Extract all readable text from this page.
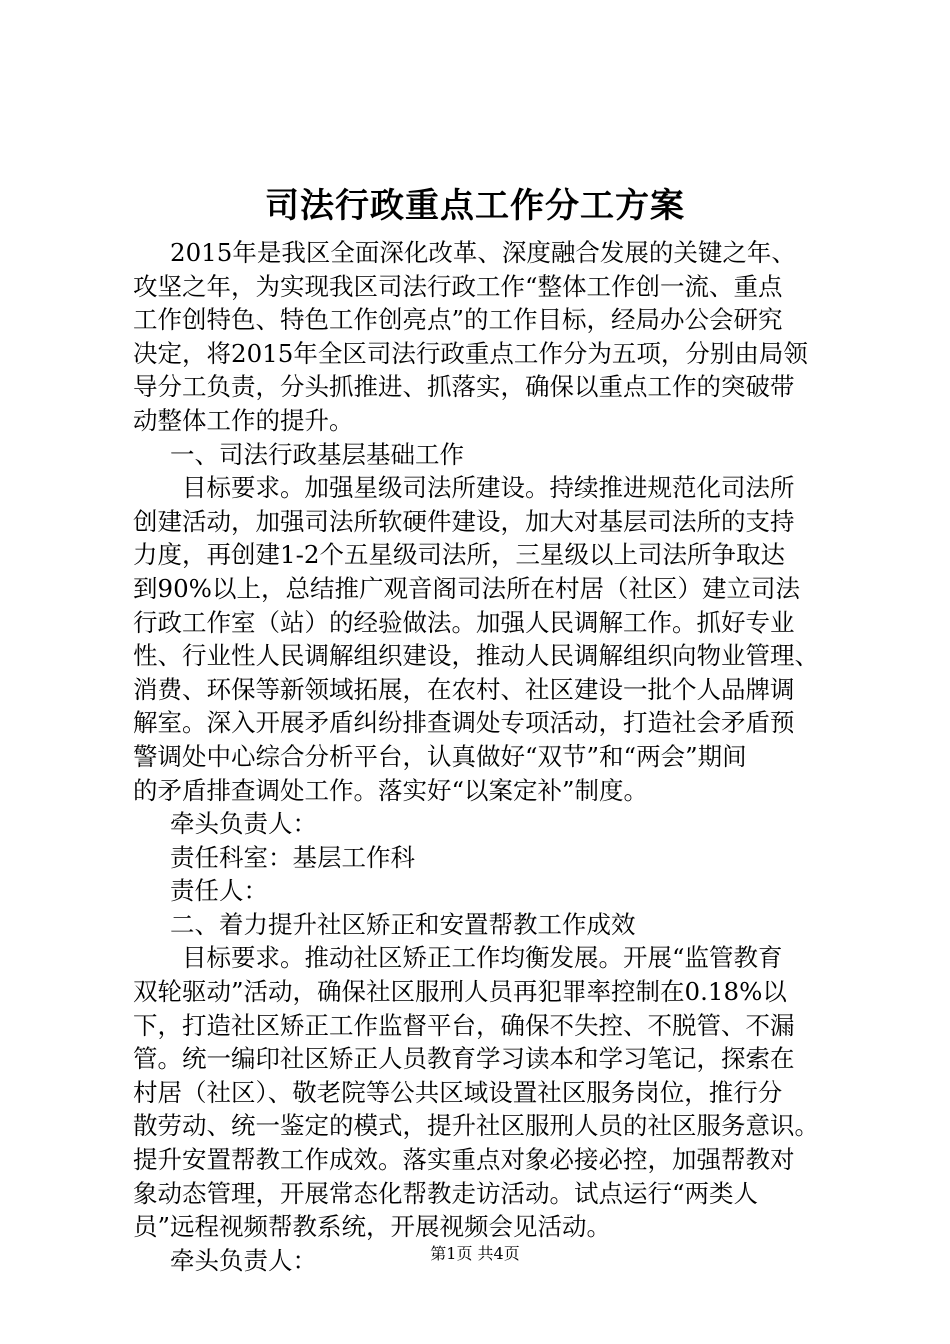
司法行政重点工作分工方案
2015年是我区全面深化改革、深度融合发展的关键之年、
攻坚之年，为实现我区司法行政工作“整体工作创一流、重点
工作创特色、特色工作创亮点”的工作目标，经局办公会研究
决定，将2015年全区司法行政重点工作分为五项，分别由局领
导分工负责，分头抓推进、抓落实，确保以重点工作的突破带
动整体工作的提升。
一、司法行政基层基础工作
目标要求。加强星级司法所建设。持续推进规范化司法所
创建活动，加强司法所软硬件建设，加大对基层司法所的支持
力度，再创建1-2个五星级司法所，三星级以上司法所争取达
到90%以上，总结推广观音阁司法所在村居（社区）建立司法
行政工作室（站）的经验做法。加强人民调解工作。抓好专业
性、行业性人民调解组织建设，推动人民调解组织向物业管理、
消费、环保等新领域拓展，在农村、社区建设一批个人品牌调
解室。深入开展矛盾纠纷排查调处专项活动，打造社会矛盾预
警调处中心综合分析平台，认真做好“双节”和“两会”期间
的矛盾排查调处工作。落实好“以案定补”制度。
牵头负责人：
责任科室：基层工作科
责任人：
二、着力提升社区矫正和安置帮教工作成效
目标要求。推动社区矫正工作均衡发展。开展“监管教育
双轮驱动”活动，确保社区服刑人员再犯罪率控制在0.18%以
下，打造社区矫正工作监督平台，确保不失控、不脱管、不漏
管。统一编印社区矫正人员教育学习读本和学习笔记，探索在
村居（社区）、敬老院等公共区域设置社区服务岗位，推行分
散劳动、统一鉴定的模式，提升社区服刑人员的社区服务意识。
提升安置帮教工作成效。落实重点对象必接必控，加强帮教对
象动态管理，开展常态化帮教走访活动。试点运行“两类人
员”远程视频帮教系统，开展视频会见活动。
牵头负责人：	第1页 共4页
